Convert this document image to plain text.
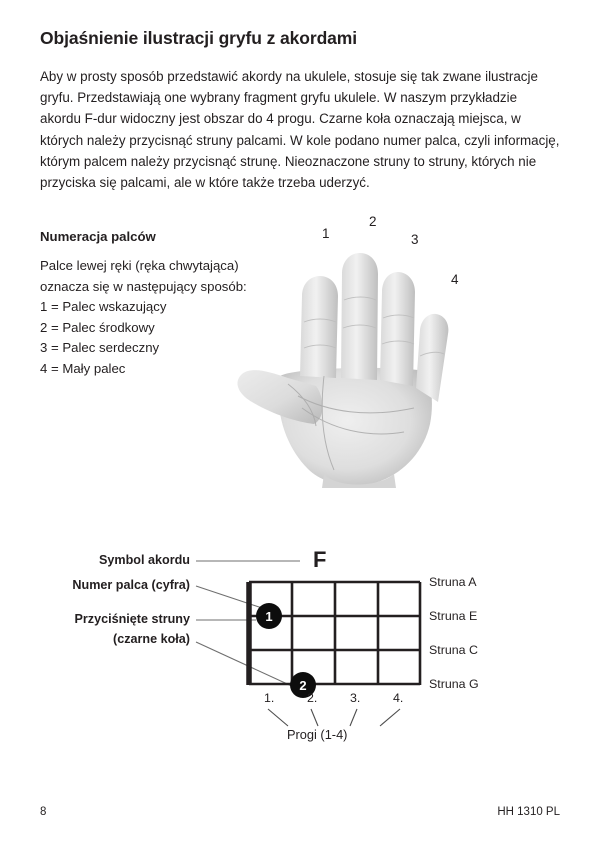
Objaśnienie ilustracji gryfu z akordami
Aby w prosty sposób przedstawić akordy na ukulele, stosuje się tak zwane ilustracje gryfu. Przedstawiają one wybrany fragment gryfu ukulele. W naszym przykładzie akordu F-dur widoczny jest obszar do 4 progu. Czarne koła oznaczają miejsca, w których należy przycisnąć struny palcami. W kole podano numer palca, czyli informację, którym palcem należy przycisnąć strunę. Nieoznaczone struny to struny, których nie przyciska się palcami, ale w które także trzeba uderzyć.
Numeracja palców
Palce lewej ręki (ręka chwytająca)
oznacza się w następujący sposób:
1 = Palec wskazujący
2 = Palec środkowy
3 = Palec serdeczny
4 = Mały palec
1
2
3
4
Symbol akordu
Numer palca (cyfra)
Przyciśnięte struny
(czarne koła)
F
Struna A
Struna E
Struna C
Struna G
1.	2.	3.	4.
Progi (1-4)
1
2
8	HH 1310 PL
